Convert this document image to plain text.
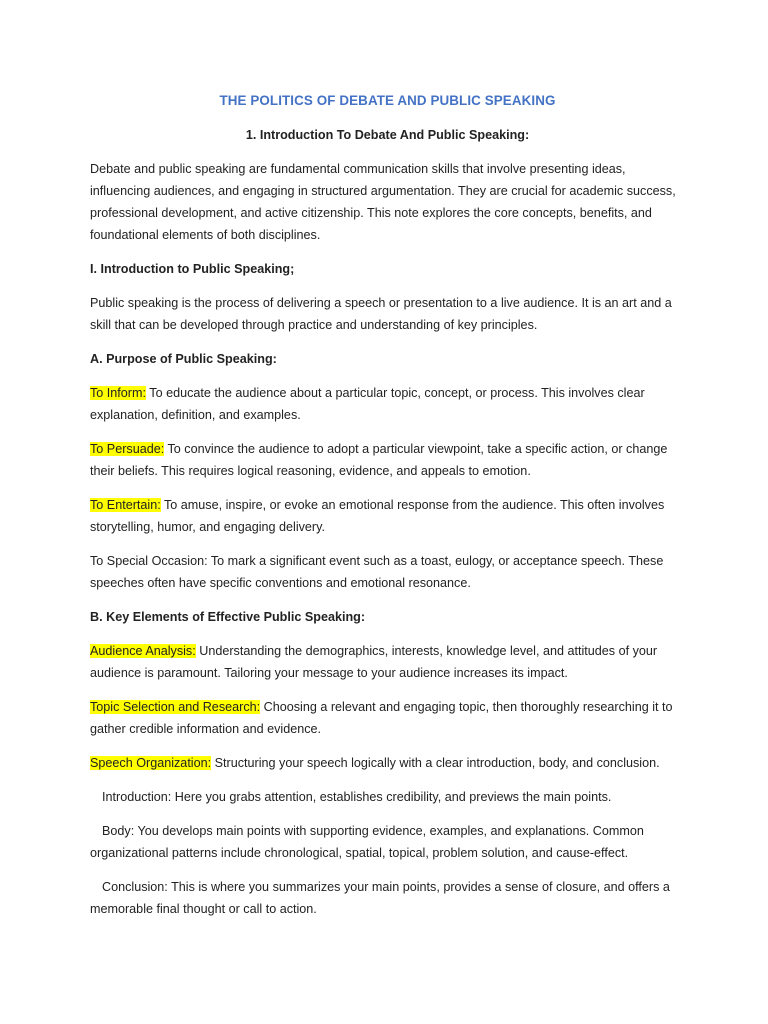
THE POLITICS OF DEBATE AND PUBLIC SPEAKING
1. Introduction To Debate And Public Speaking:

Debate and public speaking are fundamental communication skills that involve presenting ideas, influencing audiences, and engaging in structured argumentation. They are crucial for academic success, professional development, and active citizenship. This note explores the core concepts, benefits, and foundational elements of both disciplines.

I. Introduction to Public Speaking;

Public speaking is the process of delivering a speech or presentation to a live audience. It is an art and a skill that can be developed through practice and understanding of key principles.

A. Purpose of Public Speaking:

To Inform: To educate the audience about a particular topic, concept, or process. This involves clear explanation, definition, and examples.

To Persuade: To convince the audience to adopt a particular viewpoint, take a specific action, or change their beliefs. This requires logical reasoning, evidence, and appeals to emotion.

To Entertain: To amuse, inspire, or evoke an emotional response from the audience. This often involves storytelling, humor, and engaging delivery.

To Special Occasion: To mark a significant event such as a toast, eulogy, or acceptance speech. These speeches often have specific conventions and emotional resonance.

B. Key Elements of Effective Public Speaking:

Audience Analysis: Understanding the demographics, interests, knowledge level, and attitudes of your audience is paramount. Tailoring your message to your audience increases its impact.

Topic Selection and Research: Choosing a relevant and engaging topic, then thoroughly researching it to gather credible information and evidence.

Speech Organization: Structuring your speech logically with a clear introduction, body, and conclusion.

Introduction: Here you grabs attention, establishes credibility, and previews the main points.

Body: You develops main points with supporting evidence, examples, and explanations. Common organizational patterns include chronological, spatial, topical, problem solution, and cause-effect.

Conclusion: This is where you summarizes your main points, provides a sense of closure, and offers a memorable final thought or call to action.
